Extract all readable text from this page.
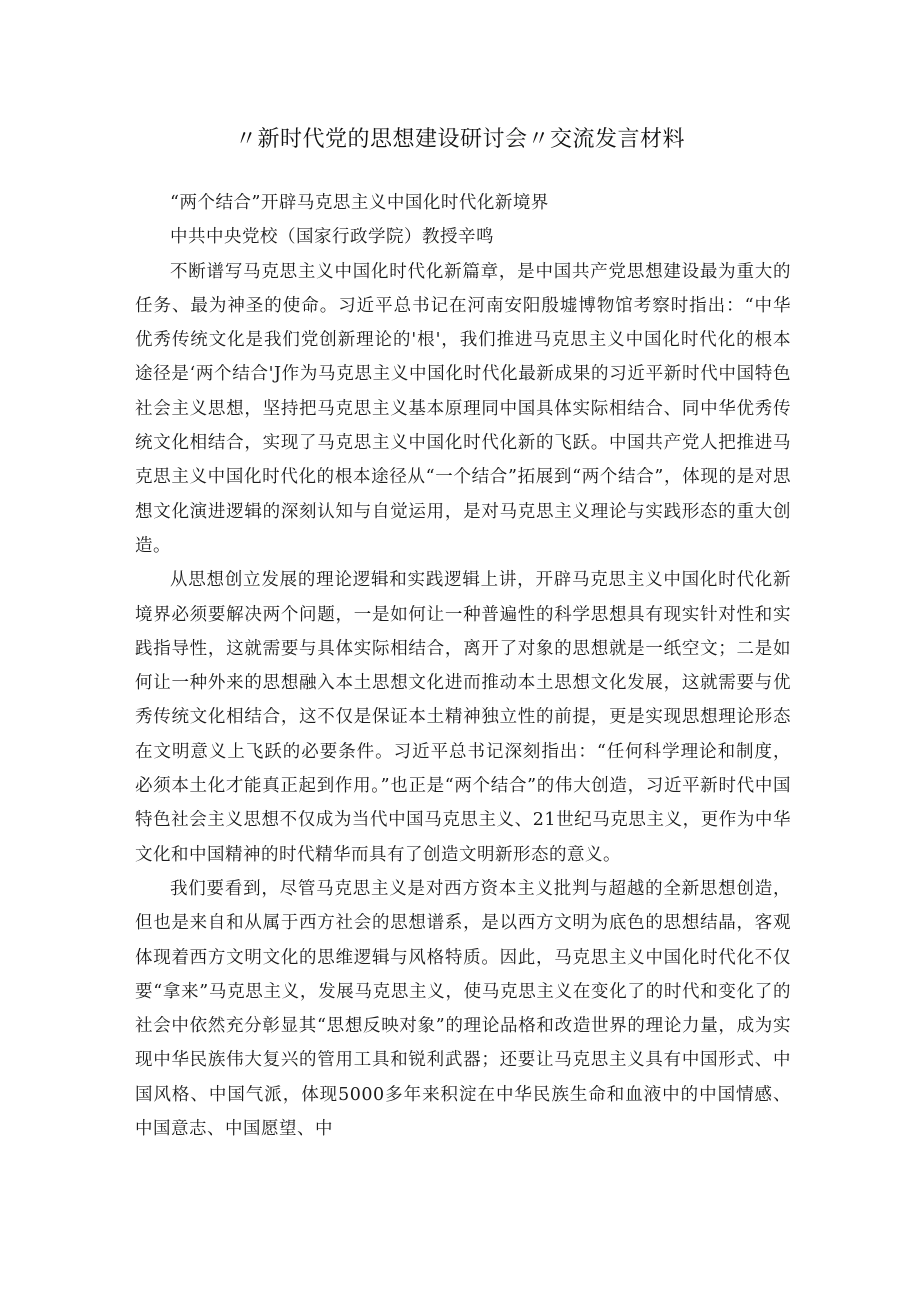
〃新时代党的思想建设研讨会〃交流发言材料

“两个结合”开辟马克思主义中国化时代化新境界

中共中央党校（国家行政学院）教授辛鸣

不断谱写马克思主义中国化时代化新篇章，是中国共产党思想建设最为重大的任务、最为神圣的使命。习近平总书记在河南安阳殷墟博物馆考察时指出：“中华优秀传统文化是我们党创新理论的'根'，我们推进马克思主义中国化时代化的根本途径是‘两个结合'J作为马克思主义中国化时代化最新成果的习近平新时代中国特色社会主义思想，坚持把马克思主义基本原理同中国具体实际相结合、同中华优秀传统文化相结合，实现了马克思主义中国化时代化新的飞跃。中国共产党人把推进马克思主义中国化时代化的根本途径从“一个结合”拓展到“两个结合”，体现的是对思想文化演进逻辑的深刻认知与自觉运用，是对马克思主义理论与实践形态的重大创造。

从思想创立发展的理论逻辑和实践逻辑上讲，开辟马克思主义中国化时代化新境界必须要解决两个问题，一是如何让一种普遍性的科学思想具有现实针对性和实践指导性，这就需要与具体实际相结合，离开了对象的思想就是一纸空文；二是如何让一种外来的思想融入本土思想文化进而推动本土思想文化发展，这就需要与优秀传统文化相结合，这不仅是保证本土精神独立性的前提，更是实现思想理论形态在文明意义上飞跃的必要条件。习近平总书记深刻指出：“任何科学理论和制度，必须本土化才能真正起到作用。”也正是“两个结合”的伟大创造，习近平新时代中国特色社会主义思想不仅成为当代中国马克思主义、21世纪马克思主义，更作为中华文化和中国精神的时代精华而具有了创造文明新形态的意义。

我们要看到，尽管马克思主义是对西方资本主义批判与超越的全新思想创造，但也是来自和从属于西方社会的思想谱系，是以西方文明为底色的思想结晶，客观体现着西方文明文化的思维逻辑与风格特质。因此，马克思主义中国化时代化不仅要“拿来”马克思主义，发展马克思主义，使马克思主义在变化了的时代和变化了的社会中依然充分彰显其“思想反映对象”的理论品格和改造世界的理论力量，成为实现中华民族伟大复兴的管用工具和锐利武器；还要让马克思主义具有中国形式、中国风格、中国气派，体现5000多年来积淀在中华民族生命和血液中的中国情感、中国意志、中国愿望、中
